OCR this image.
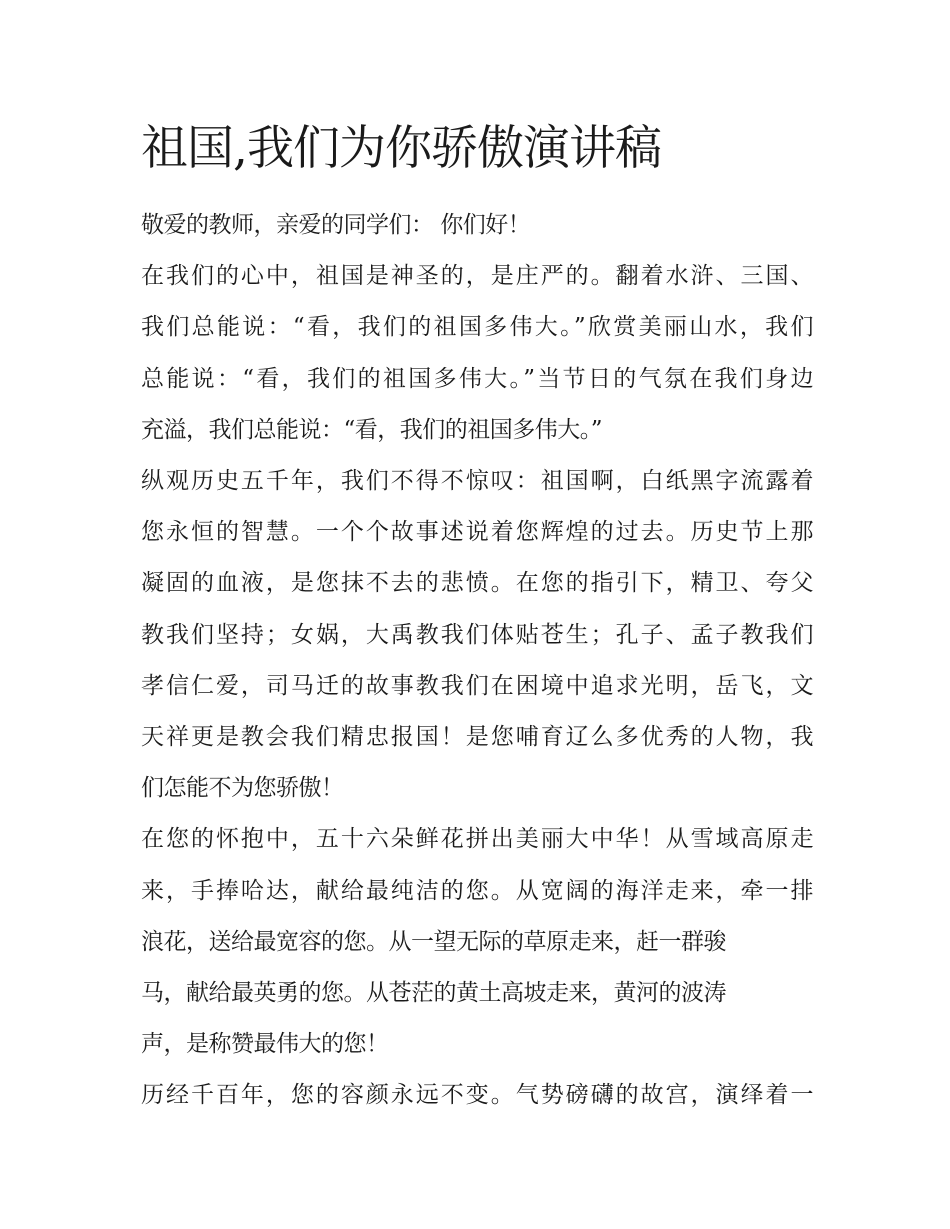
祖国,我们为你骄傲演讲稿
敬爱的教师，亲爱的同学们： 你们好！
在我们的心中，祖国是神圣的，是庄严的。翻着水浒、三国、
我们总能说：“看，我们的祖国多伟大。”欣赏美丽山水，我们
总能说：“看，我们的祖国多伟大。”当节日的气氛在我们身边
充溢，我们总能说：“看，我们的祖国多伟大。”
纵观历史五千年，我们不得不惊叹：祖国啊，白纸黑字流露着
您永恒的智慧。一个个故事述说着您辉煌的过去。历史节上那
凝固的血液，是您抹不去的悲愤。在您的指引下，精卫、夸父
教我们坚持；女娲，大禹教我们体贴苍生；孔子、孟子教我们
孝信仁爱，司马迁的故事教我们在困境中追求光明，岳飞，文
天祥更是教会我们精忠报国！是您哺育辽么多优秀的人物，我
们怎能不为您骄傲！
在您的怀抱中，五十六朵鲜花拼出美丽大中华！从雪域高原走
来，手捧哈达，献给最纯洁的您。从宽阔的海洋走来，牵一排
浪花，送给最宽容的您。从一望无际的草原走来，赶一群骏
马，献给最英勇的您。从苍茫的黄土高坡走来，黄河的波涛
声，是称赞最伟大的您！
历经千百年，您的容颜永远不变。气势磅礴的故宫，演绎着一
